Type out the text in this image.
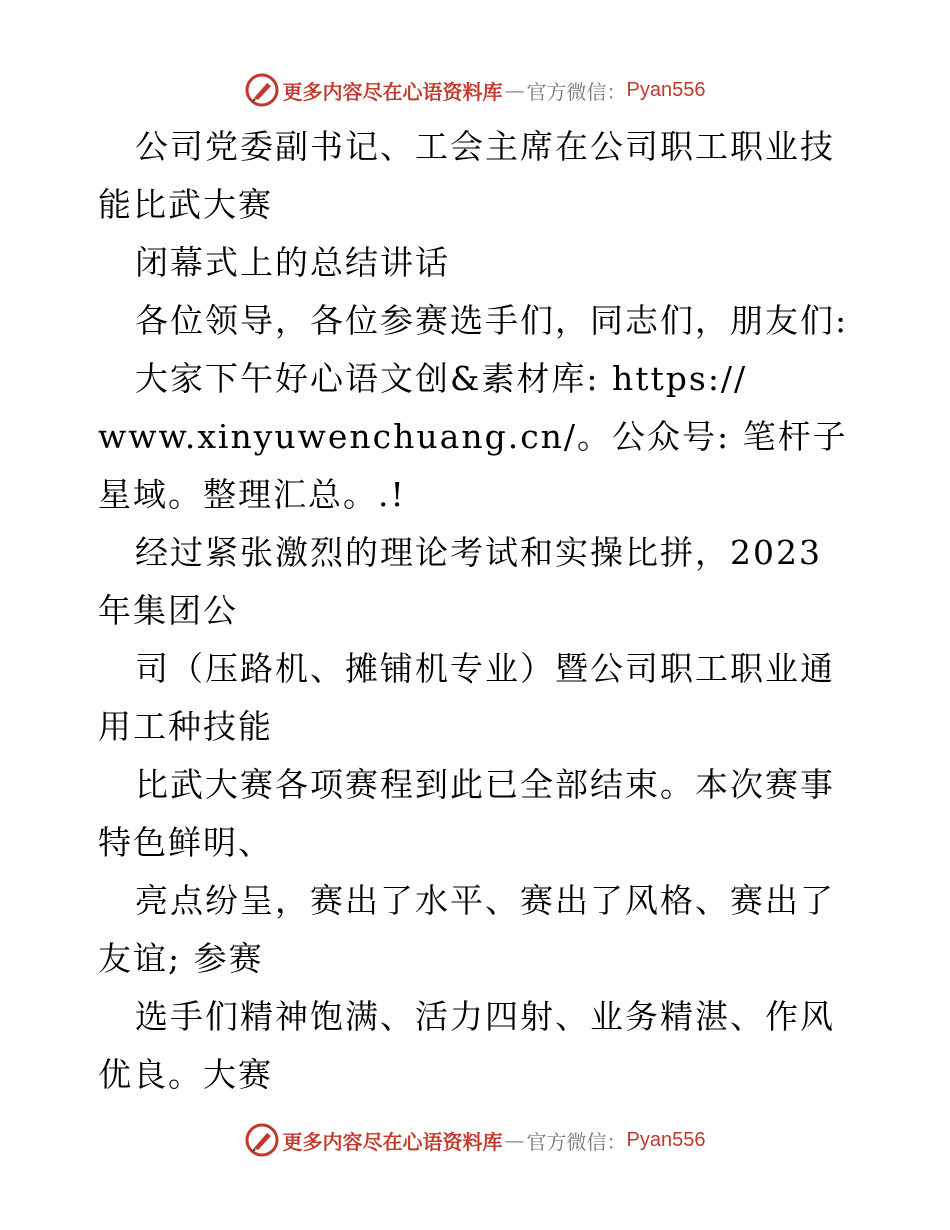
更多内容尽在心语资料库 — 官方微信： Pyan556

公司党委副书记、工会主席在公司职工职业技能比武大赛

闭幕式上的总结讲话

各位领导，各位参赛选手们，同志们，朋友们:

大家下午好心语文创&素材库: https://

www.xinyuwenchuang.cn/。公众号: 笔杆子星域。整理汇总。.!

经过紧张激烈的理论考试和实操比拼，2023 年集团公

司（压路机、摊铺机专业）暨公司职工职业通用工种技能

比武大赛各项赛程到此已全部结束。本次赛事特色鲜明、

亮点纷呈，赛出了水平、赛出了风格、赛出了友谊; 参赛

选手们精神饱满、活力四射、业务精湛、作风优良。大赛

更多内容尽在心语资料库 — 官方微信： Pyan556
